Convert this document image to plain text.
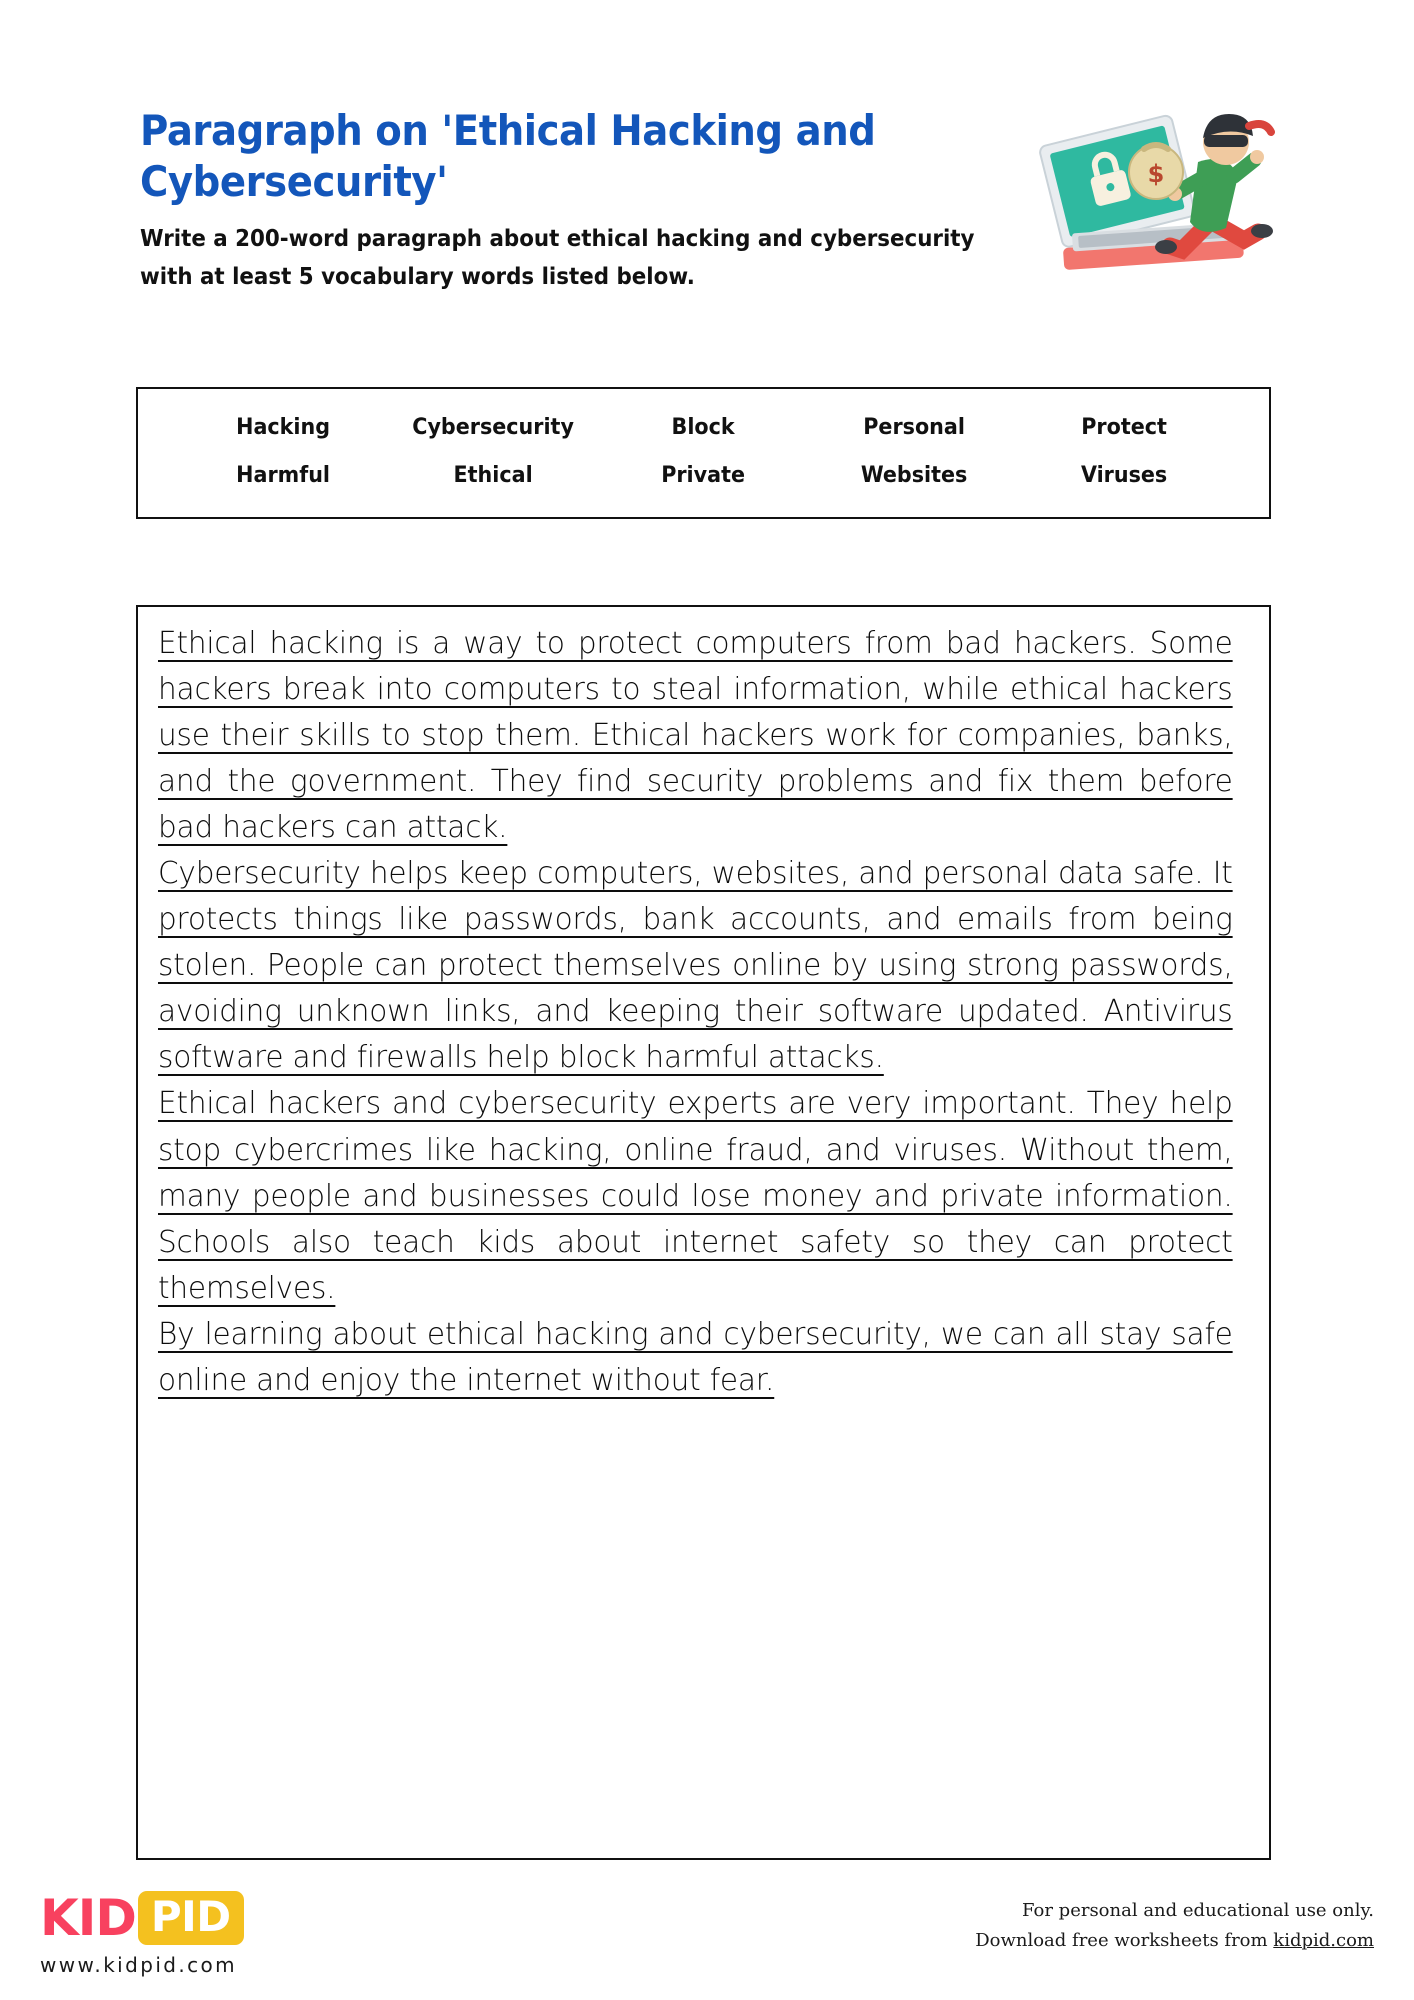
Paragraph on 'Ethical Hacking and Cybersecurity'
Write a 200-word paragraph about ethical hacking and cybersecurity with at least 5 vocabulary words listed below.
$
Hacking	Cybersecurity	Block	Personal	Protect
Harmful	Ethical	Private	Websites	Viruses

Ethical hacking is a way to protect computers from bad hackers. Some hackers break into computers to steal information, while ethical hackers use their skills to stop them. Ethical hackers work for companies, banks, and the government. They find security problems and fix them before bad hackers can attack.

Cybersecurity helps keep computers, websites, and personal data safe. It protects things like passwords, bank accounts, and emails from being stolen. People can protect themselves online by using strong passwords, avoiding unknown links, and keeping their software updated. Antivirus software and firewalls help block harmful attacks.

Ethical hackers and cybersecurity experts are very important. They help stop cybercrimes like hacking, online fraud, and viruses. Without them, many people and businesses could lose money and private information. Schools also teach kids about internet safety so they can protect themselves.

By learning about ethical hacking and cybersecurity, we can all stay safe online and enjoy the internet without fear.

KID PID
www.kidpid.com
For personal and educational use only.
Download free worksheets from kidpid.com
